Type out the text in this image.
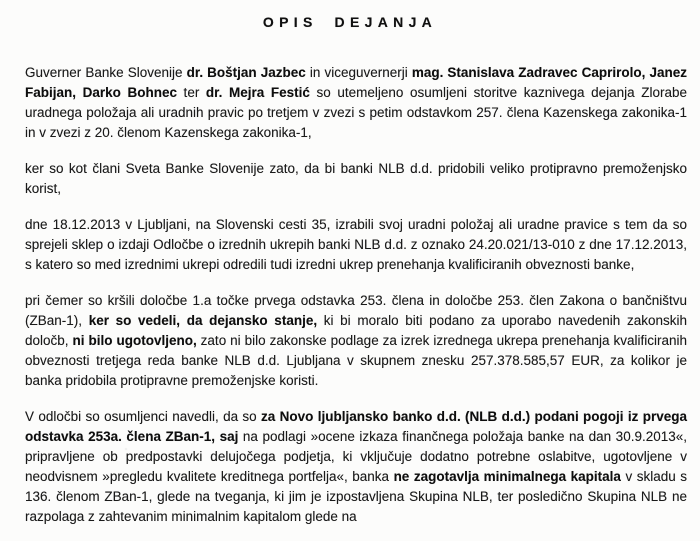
OPIS DEJANJA

Guverner Banke Slovenije dr. Boštjan Jazbec in viceguvernerji mag. Stanislava Zadravec Caprirolo, Janez Fabijan, Darko Bohnec ter dr. Mejra Festić so utemeljeno osumljeni storitve kaznivega dejanja Zlorabe uradnega položaja ali uradnih pravic po tretjem v zvezi s petim odstavkom 257. člena Kazenskega zakonika-1 in v zvezi z 20. členom Kazenskega zakonika-1,

ker so kot člani Sveta Banke Slovenije zato, da bi banki NLB d.d. pridobili veliko protipravno premoženjsko korist,

dne 18.12.2013 v Ljubljani, na Slovenski cesti 35, izrabili svoj uradni položaj ali uradne pravice s tem da so sprejeli sklep o izdaji Odločbe o izrednih ukrepih banki NLB d.d. z oznako 24.20.021/13-010 z dne 17.12.2013, s katero so med izrednimi ukrepi odredili tudi izredni ukrep prenehanja kvalificiranih obveznosti banke,

pri čemer so kršili določbe 1.a točke prvega odstavka 253. člena in določbe 253. člen Zakona o bančništvu (ZBan-1), ker so vedeli, da dejansko stanje, ki bi moralo biti podano za uporabo navedenih zakonskih določb, ni bilo ugotovljeno, zato ni bilo zakonske podlage za izrek izrednega ukrepa prenehanja kvalificiranih obveznosti tretjega reda banke NLB d.d. Ljubljana v skupnem znesku 257.378.585,57 EUR, za kolikor je banka pridobila protipravne premoženjske koristi.

V odločbi so osumljenci navedli, da so za Novo ljubljansko banko d.d. (NLB d.d.) podani pogoji iz prvega odstavka 253a. člena ZBan-1, saj na podlagi »ocene izkaza finančnega položaja banke na dan 30.9.2013«, pripravljene ob predpostavki delujočega podjetja, ki vključuje dodatno potrebne oslabitve, ugotovljene v neodvisnem »pregledu kvalitete kreditnega portfelja«, banka ne zagotavlja minimalnega kapitala v skladu s 136. členom ZBan-1, glede na tveganja, ki jim je izpostavljena Skupina NLB, ter posledično Skupina NLB ne razpolaga z zahtevanim minimalnim kapitalom glede na
